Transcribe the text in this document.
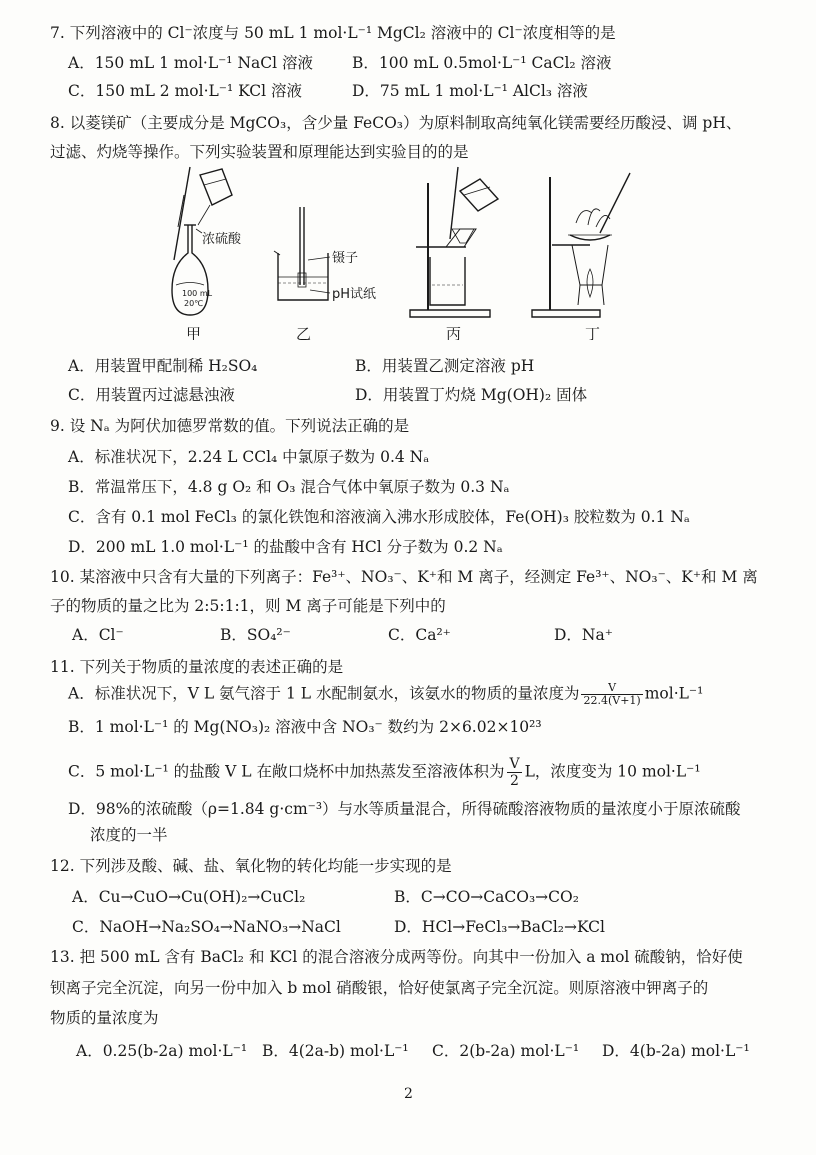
7. 下列溶液中的 Cl⁻浓度与 50 mL 1 mol·L⁻¹ MgCl₂ 溶液中的 Cl⁻浓度相等的是
A．150 mL 1 mol·L⁻¹ NaCl 溶液	B．100 mL 0.5mol·L⁻¹ CaCl₂ 溶液
C．150 mL 2 mol·L⁻¹ KCl 溶液	D．75 mL 1 mol·L⁻¹ AlCl₃ 溶液
8. 以菱镁矿（主要成分是 MgCO₃，含少量 FeCO₃）为原料制取高纯氧化镁需要经历酸浸、调 pH、
过滤、灼烧等操作。下列实验装置和原理能达到实验目的的是
100 mL
20℃
浓硫酸
镊子
pH试纸
甲	乙	丙	丁
A．用装置甲配制稀 H₂SO₄	B．用装置乙测定溶液 pH
C．用装置丙过滤悬浊液	D．用装置丁灼烧 Mg(OH)₂ 固体
9. 设 Nₐ 为阿伏加德罗常数的值。下列说法正确的是
A．标准状况下，2.24 L CCl₄ 中氯原子数为 0.4 Nₐ
B．常温常压下，4.8 g O₂ 和 O₃ 混合气体中氧原子数为 0.3 Nₐ
C．含有 0.1 mol FeCl₃ 的氯化铁饱和溶液滴入沸水形成胶体，Fe(OH)₃ 胶粒数为 0.1 Nₐ
D．200 mL 1.0 mol·L⁻¹ 的盐酸中含有 HCl 分子数为 0.2 Nₐ
10. 某溶液中只含有大量的下列离子：Fe³⁺、NO₃⁻、K⁺和 M 离子，经测定 Fe³⁺、NO₃⁻、K⁺和 M 离
子的物质的量之比为 2:5:1:1，则 M 离子可能是下列中的
A．Cl⁻	B．SO₄²⁻	C．Ca²⁺	D．Na⁺
11. 下列关于物质的量浓度的表述正确的是
A．标准状况下，V L 氨气溶于 1 L 水配制氨水，该氨水的物质的量浓度为 $\frac{V}{22.4(V+1)} mol\cdot L^{-1}$
B．1 mol·L⁻¹ 的 Mg(NO₃)₂ 溶液中含 NO₃⁻ 数约为 2×6.02×10²³
C．5 mol·L⁻¹ 的盐酸 V L 在敞口烧杯中加热蒸发至溶液体积为 $\frac{V}{2}$ L，浓度变为 10 mol·L⁻¹
D．98%的浓硫酸（ρ=1.84 g·cm⁻³）与水等质量混合，所得硫酸溶液物质的量浓度小于原浓硫酸
浓度的一半
12. 下列涉及酸、碱、盐、氧化物的转化均能一步实现的是
A．Cu→CuO→Cu(OH)₂→CuCl₂	B．C→CO→CaCO₃→CO₂
C．NaOH→Na₂SO₄→NaNO₃→NaCl	D．HCl→FeCl₃→BaCl₂→KCl
13. 把 500 mL 含有 BaCl₂ 和 KCl 的混合溶液分成两等份。向其中一份加入 a mol 硫酸钠，恰好使
钡离子完全沉淀，向另一份中加入 b mol 硝酸银，恰好使氯离子完全沉淀。则原溶液中钾离子的
物质的量浓度为
A．0.25(b-2a) mol·L⁻¹ B．4(2a-b) mol·L⁻¹ C．2(b-2a) mol·L⁻¹ D．4(b-2a) mol·L⁻¹
2
